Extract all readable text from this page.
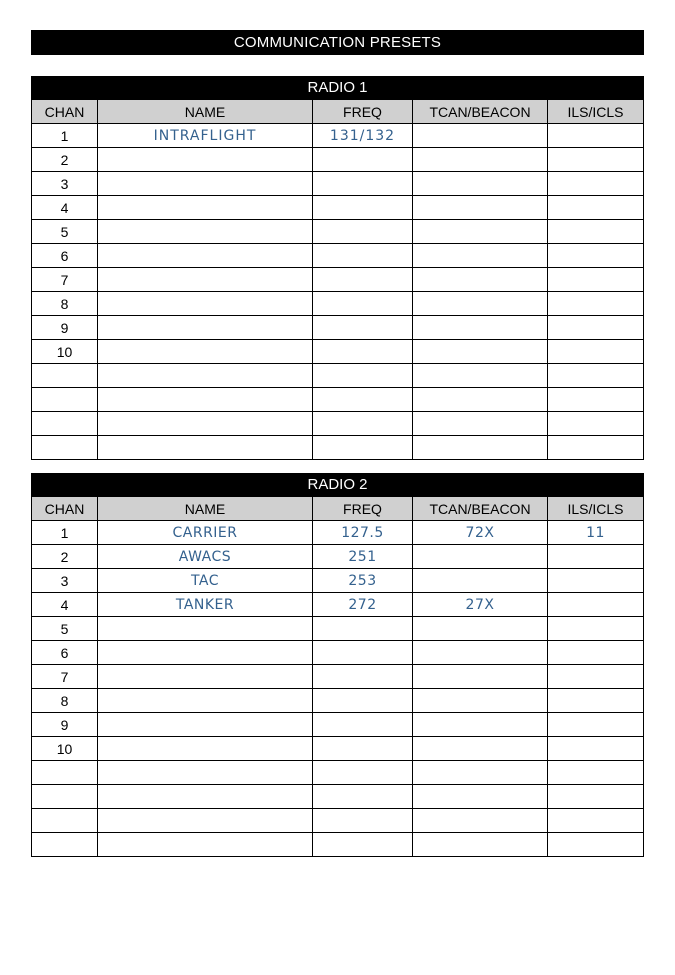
COMMUNICATION PRESETS
RADIO 1
CHAN	NAME	FREQ	TCAN/BEACON	ILS/ICLS
1	INTRAFLIGHT	131/132		
2				
3				
4				
5				
6				
7				
8				
9				
10				

RADIO 2
CHAN	NAME	FREQ	TCAN/BEACON	ILS/ICLS
1	CARRIER	127.5	72X	11
2	AWACS	251		
3	TAC	253		
4	TANKER	272	27X	
5				
6				
7				
8				
9				
10				
